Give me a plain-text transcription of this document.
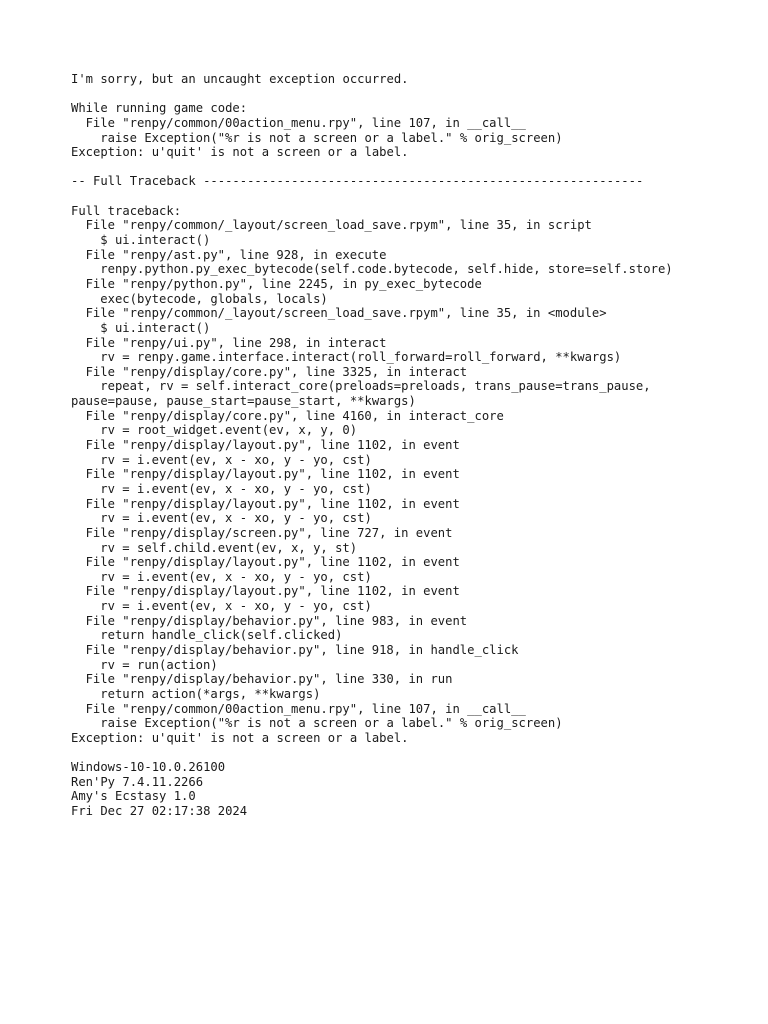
I'm sorry, but an uncaught exception occurred.
While running game code:
File "renpy/common/00action_menu.rpy", line 107, in __call__
raise Exception("%r is not a screen or a label." % orig_screen)
Exception: u'quit' is not a screen or a label.
-- Full Traceback ------------------------------------------------------------
Full traceback:
File "renpy/common/_layout/screen_load_save.rpym", line 35, in script
$ ui.interact()
File "renpy/ast.py", line 928, in execute
renpy.python.py_exec_bytecode(self.code.bytecode, self.hide, store=self.store)
File "renpy/python.py", line 2245, in py_exec_bytecode
exec(bytecode, globals, locals)
File "renpy/common/_layout/screen_load_save.rpym", line 35, in <module>
$ ui.interact()
File "renpy/ui.py", line 298, in interact
rv = renpy.game.interface.interact(roll_forward=roll_forward, **kwargs)
File "renpy/display/core.py", line 3325, in interact
repeat, rv = self.interact_core(preloads=preloads, trans_pause=trans_pause,
pause=pause, pause_start=pause_start, **kwargs)
File "renpy/display/core.py", line 4160, in interact_core
rv = root_widget.event(ev, x, y, 0)
File "renpy/display/layout.py", line 1102, in event
rv = i.event(ev, x - xo, y - yo, cst)
File "renpy/display/layout.py", line 1102, in event
rv = i.event(ev, x - xo, y - yo, cst)
File "renpy/display/layout.py", line 1102, in event
rv = i.event(ev, x - xo, y - yo, cst)
File "renpy/display/screen.py", line 727, in event
rv = self.child.event(ev, x, y, st)
File "renpy/display/layout.py", line 1102, in event
rv = i.event(ev, x - xo, y - yo, cst)
File "renpy/display/layout.py", line 1102, in event
rv = i.event(ev, x - xo, y - yo, cst)
File "renpy/display/behavior.py", line 983, in event
return handle_click(self.clicked)
File "renpy/display/behavior.py", line 918, in handle_click
rv = run(action)
File "renpy/display/behavior.py", line 330, in run
return action(*args, **kwargs)
File "renpy/common/00action_menu.rpy", line 107, in __call__
raise Exception("%r is not a screen or a label." % orig_screen)
Exception: u'quit' is not a screen or a label.
Windows-10-10.0.26100
Ren'Py 7.4.11.2266
Amy's Ecstasy 1.0
Fri Dec 27 02:17:38 2024
